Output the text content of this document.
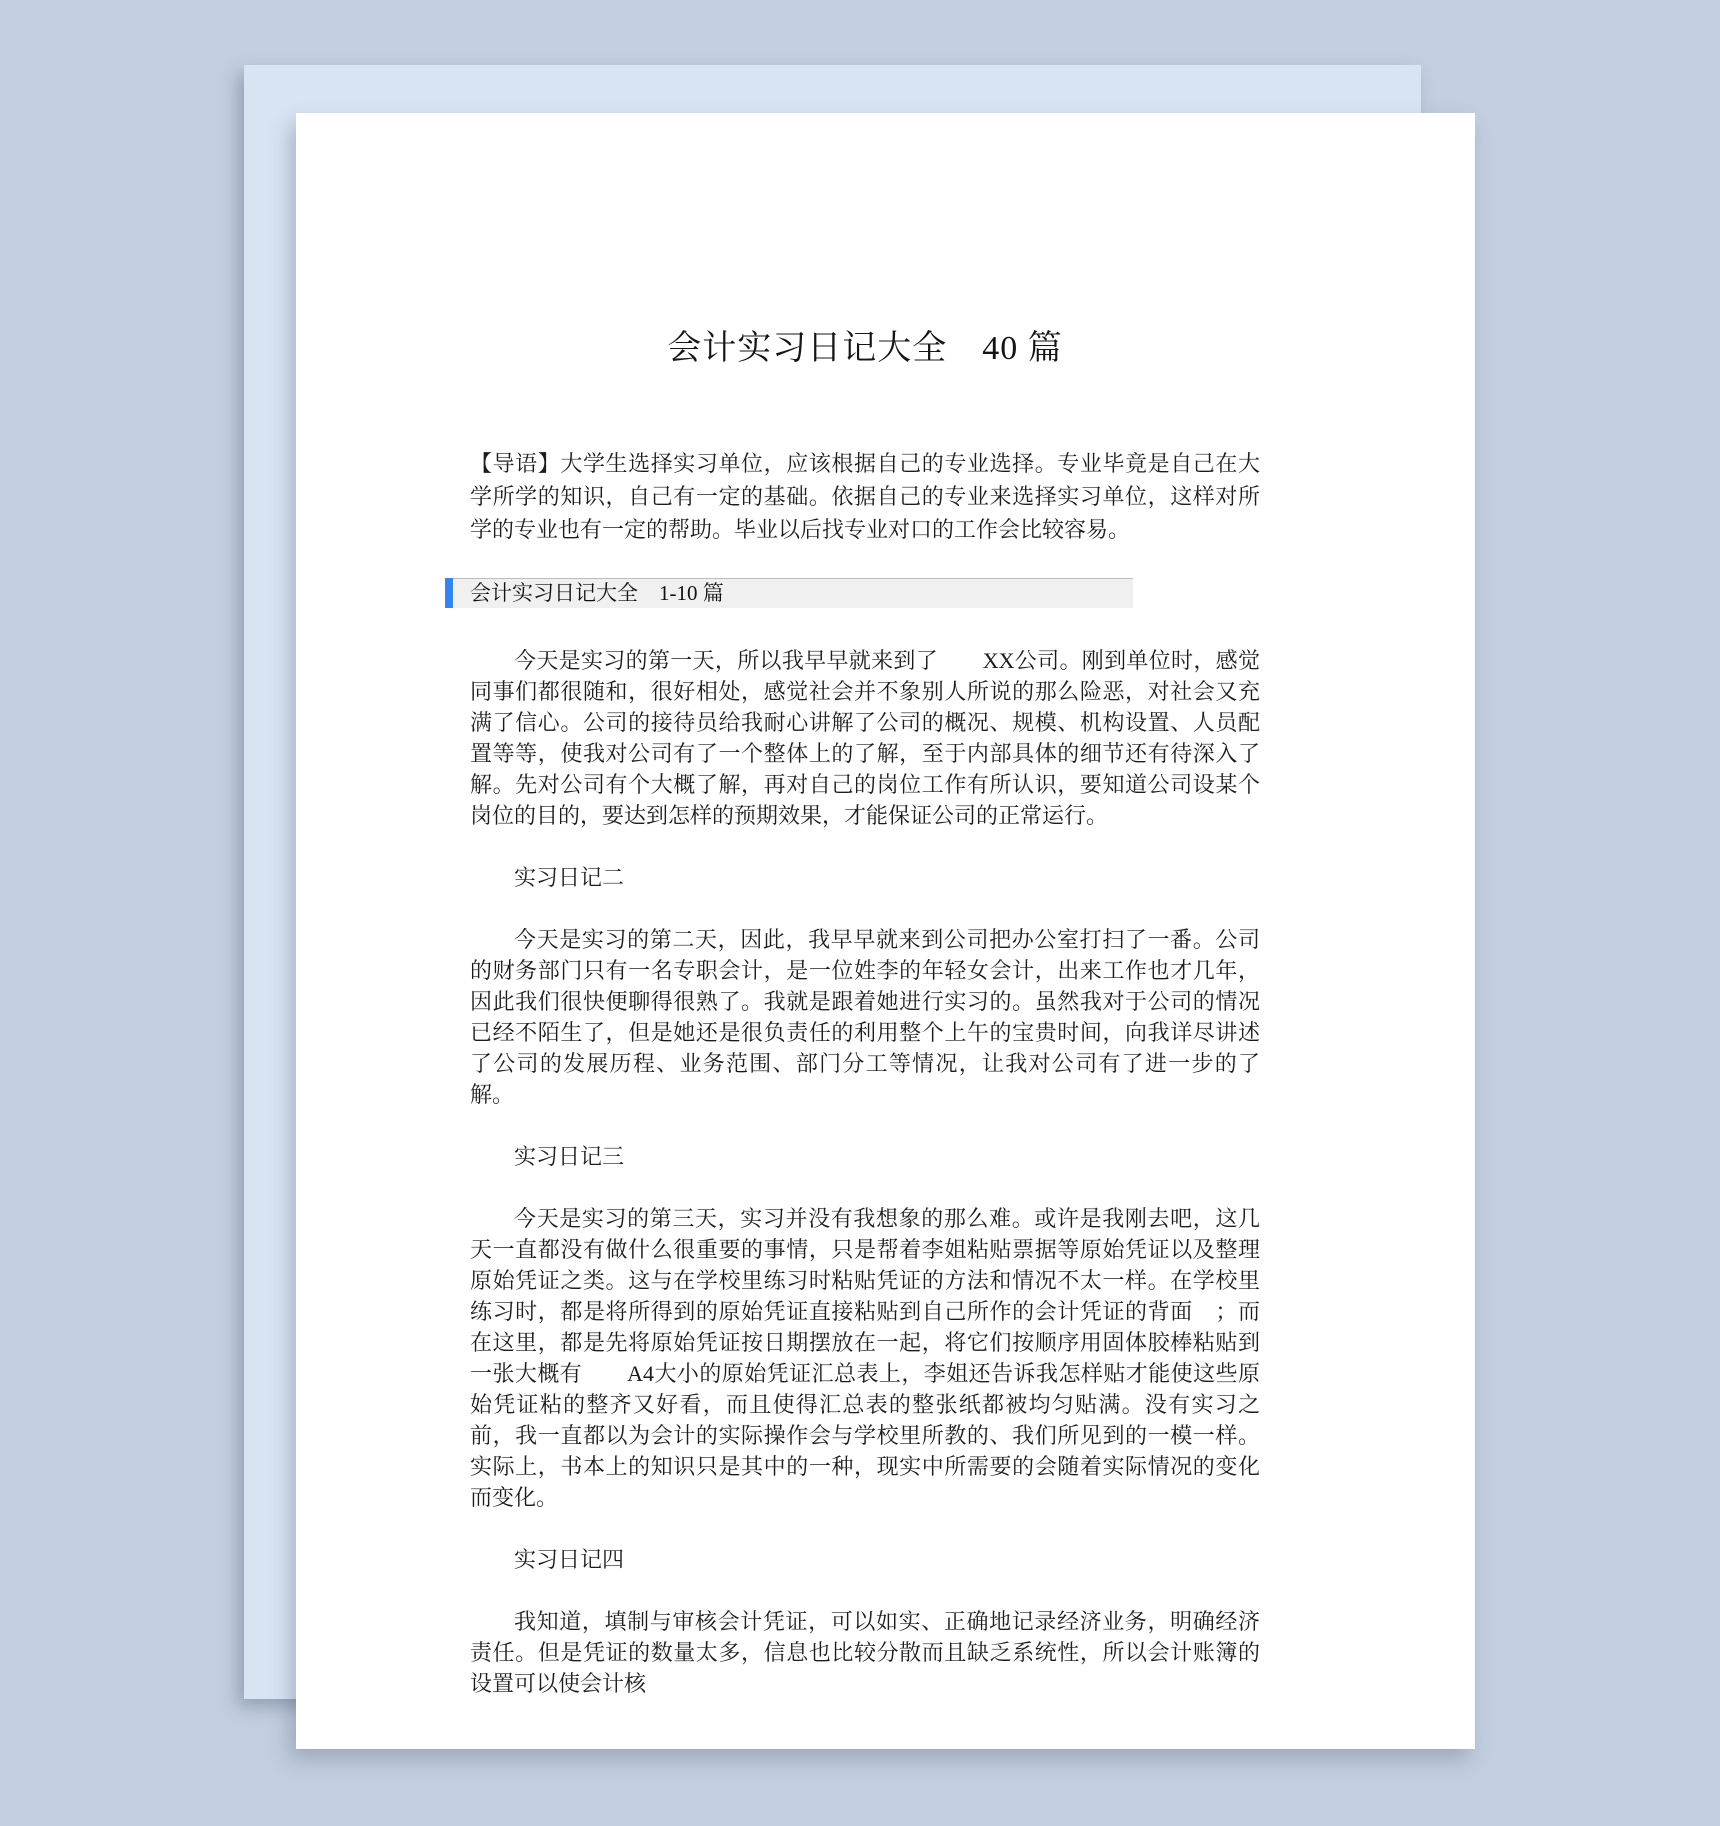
会计实习日记大全　40 篇

【导语】大学生选择实习单位，应该根据自己的专业选择。专业毕竟是自己在大学所学的知识，自己有一定的基础。依据自己的专业来选择实习单位，这样对所学的专业也有一定的帮助。毕业以后找专业对口的工作会比较容易。

会计实习日记大全　1-10 篇

今天是实习的第一天，所以我早早就来到了　　XX公司。刚到单位时，感觉同事们都很随和，很好相处，感觉社会并不象别人所说的那么险恶，对社会又充满了信心。公司的接待员给我耐心讲解了公司的概况、规模、机构设置、人员配置等等，使我对公司有了一个整体上的了解，至于内部具体的细节还有待深入了解。先对公司有个大概了解，再对自己的岗位工作有所认识，要知道公司设某个岗位的目的，要达到怎样的预期效果，才能保证公司的正常运行。

实习日记二

今天是实习的第二天，因此，我早早就来到公司把办公室打扫了一番。公司的财务部门只有一名专职会计，是一位姓李的年轻女会计，出来工作也才几年，因此我们很快便聊得很熟了。我就是跟着她进行实习的。虽然我对于公司的情况已经不陌生了，但是她还是很负责任的利用整个上午的宝贵时间，向我详尽讲述了公司的发展历程、业务范围、部门分工等情况，让我对公司有了进一步的了解。

实习日记三

今天是实习的第三天，实习并没有我想象的那么难。或许是我刚去吧，这几天一直都没有做什么很重要的事情，只是帮着李姐粘贴票据等原始凭证以及整理原始凭证之类。这与在学校里练习时粘贴凭证的方法和情况不太一样。在学校里练习时，都是将所得到的原始凭证直接粘贴到自己所作的会计凭证的背面　；而在这里，都是先将原始凭证按日期摆放在一起，将它们按顺序用固体胶棒粘贴到一张大概有　　A4大小的原始凭证汇总表上，李姐还告诉我怎样贴才能使这些原始凭证粘的整齐又好看，而且使得汇总表的整张纸都被均匀贴满。没有实习之前，我一直都以为会计的实际操作会与学校里所教的、我们所见到的一模一样。实际上，书本上的知识只是其中的一种，现实中所需要的会随着实际情况的变化而变化。

实习日记四

我知道，填制与审核会计凭证，可以如实、正确地记录经济业务，明确经济责任。但是凭证的数量太多，信息也比较分散而且缺乏系统性，所以会计账簿的设置可以使会计核
